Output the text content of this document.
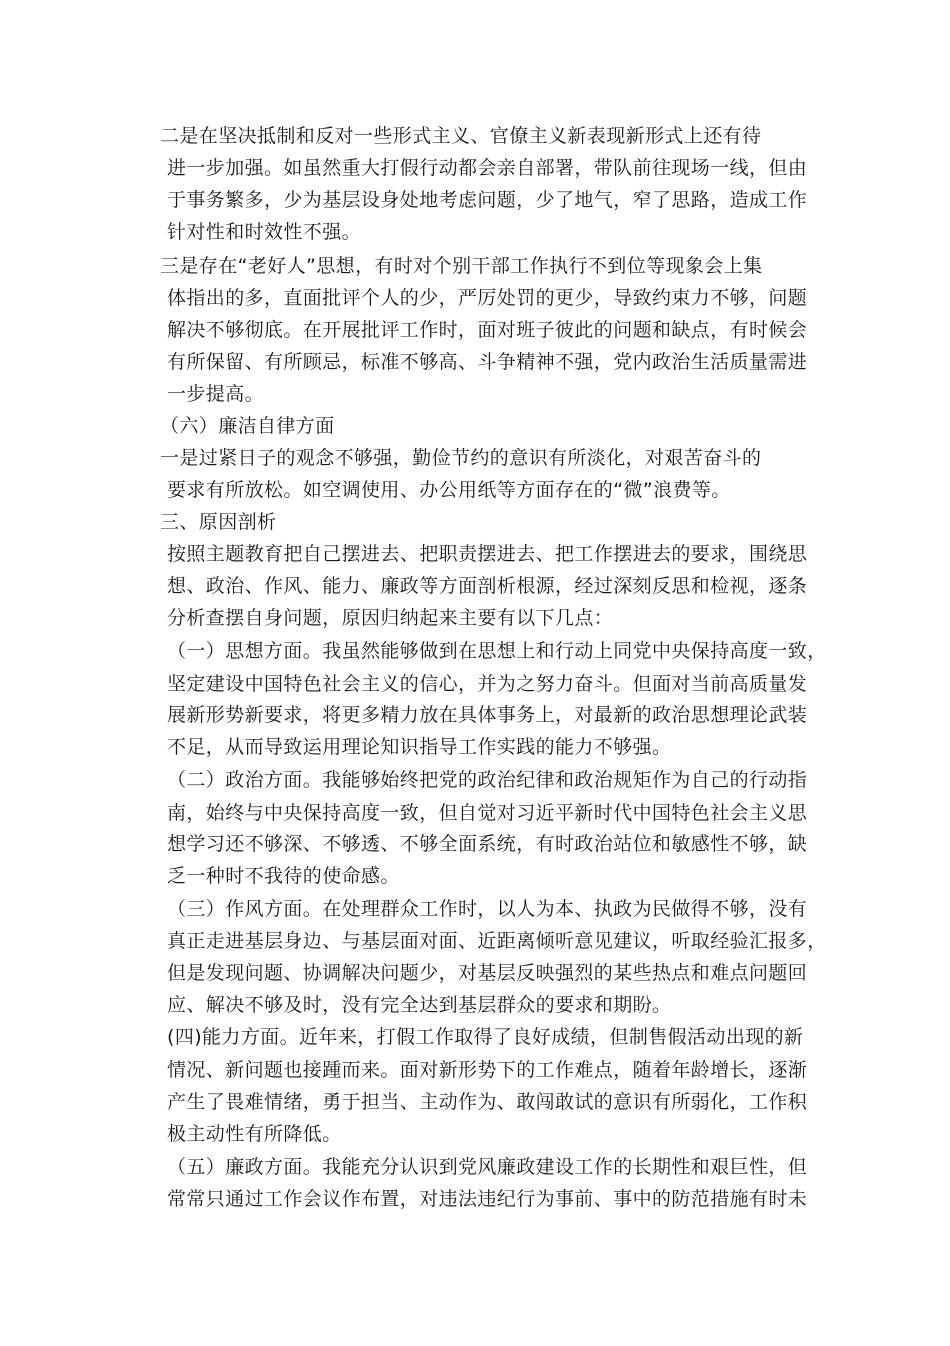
二是在坚决抵制和反对一些形式主义、官僚主义新表现新形式上还有待

进一步加强。如虽然重大打假行动都会亲自部署，带队前往现场一线，但由

于事务繁多，少为基层设身处地考虑问题，少了地气，窄了思路，造成工作

针对性和时效性不强。

三是存在“老好人”思想，有时对个别干部工作执行不到位等现象会上集

体指出的多，直面批评个人的少，严厉处罚的更少，导致约束力不够，问题

解决不够彻底。在开展批评工作时，面对班子彼此的问题和缺点，有时候会

有所保留、有所顾忌，标准不够高、斗争精神不强，党内政治生活质量需进

一步提高。

（六）廉洁自律方面

一是过紧日子的观念不够强，勤俭节约的意识有所淡化，对艰苦奋斗的

要求有所放松。如空调使用、办公用纸等方面存在的“微”浪费等。

三、原因剖析

按照主题教育把自己摆进去、把职责摆进去、把工作摆进去的要求，围绕思

想、政治、作风、能力、廉政等方面剖析根源，经过深刻反思和检视，逐条

分析查摆自身问题，原因归纳起来主要有以下几点：

（一）思想方面。我虽然能够做到在思想上和行动上同党中央保持高度一致，

坚定建设中国特色社会主义的信心，并为之努力奋斗。但面对当前高质量发

展新形势新要求，将更多精力放在具体事务上，对最新的政治思想理论武装

不足，从而导致运用理论知识指导工作实践的能力不够强。

（二）政治方面。我能够始终把党的政治纪律和政治规矩作为自己的行动指

南，始终与中央保持高度一致，但自觉对习近平新时代中国特色社会主义思

想学习还不够深、不够透、不够全面系统，有时政治站位和敏感性不够，缺

乏一种时不我待的使命感。

（三）作风方面。在处理群众工作时，以人为本、执政为民做得不够，没有

真正走进基层身边、与基层面对面、近距离倾听意见建议，听取经验汇报多，

但是发现问题、协调解决问题少，对基层反映强烈的某些热点和难点问题回

应、解决不够及时，没有完全达到基层群众的要求和期盼。

(四)能力方面。近年来，打假工作取得了良好成绩，但制售假活动出现的新

情况、新问题也接踵而来。面对新形势下的工作难点，随着年龄增长，逐渐

产生了畏难情绪，勇于担当、主动作为、敢闯敢试的意识有所弱化，工作积

极主动性有所降低。

（五）廉政方面。我能充分认识到党风廉政建设工作的长期性和艰巨性，但

常常只通过工作会议作布置，对违法违纪行为事前、事中的防范措施有时未
